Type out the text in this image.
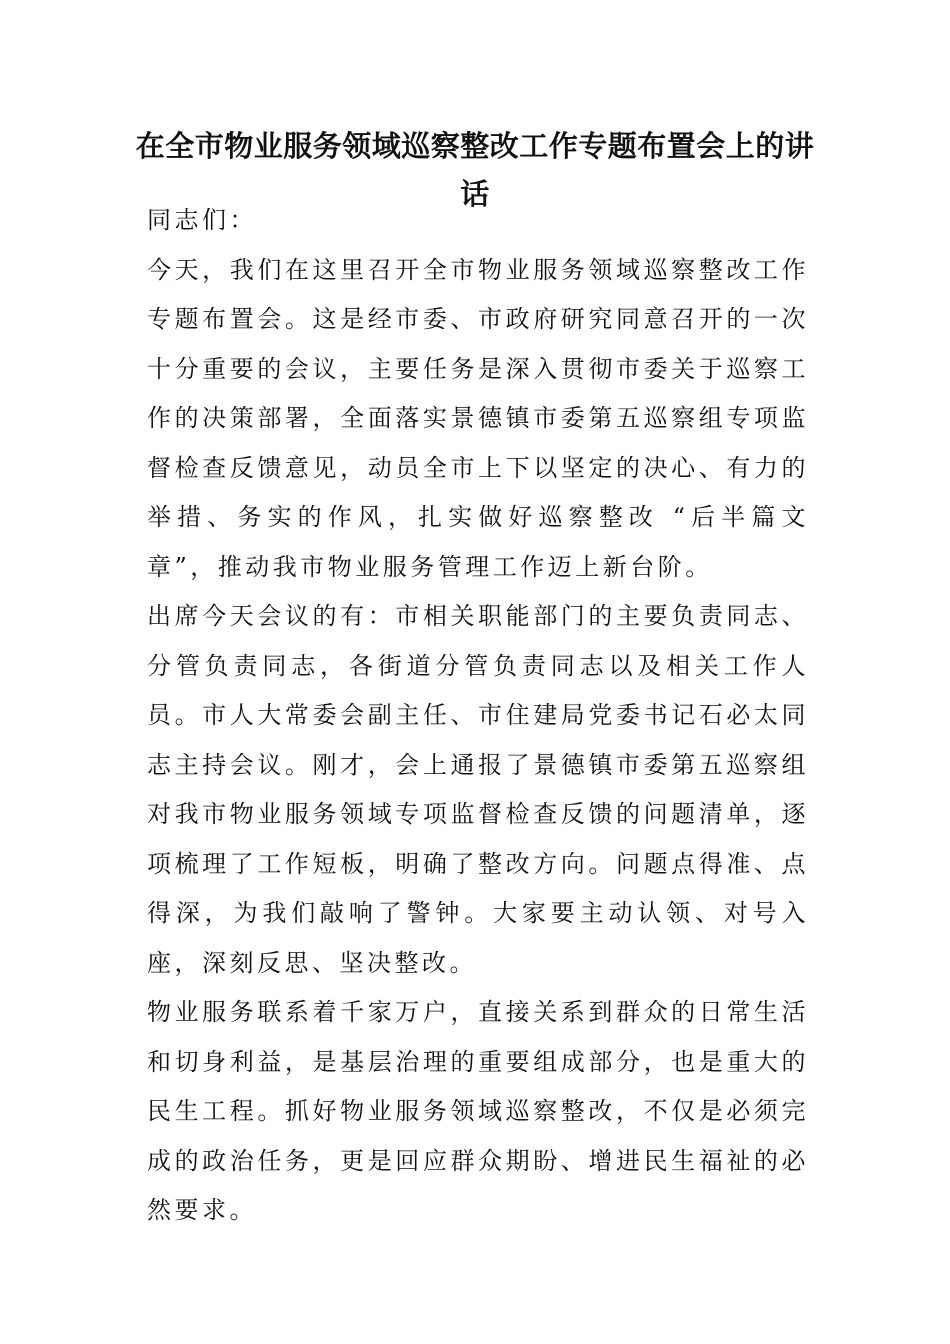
在全市物业服务领域巡察整改工作专题布置会上的讲话

同志们：

今天，我们在这里召开全市物业服务领域巡察整改工作专题布置会。这是经市委、市政府研究同意召开的一次十分重要的会议，主要任务是深入贯彻市委关于巡察工作的决策部署，全面落实景德镇市委第五巡察组专项监督检查反馈意见，动员全市上下以坚定的决心、有力的举措、务实的作风，扎实做好巡察整改 “后半篇文章”，推动我市物业服务管理工作迈上新台阶。

出席今天会议的有：市相关职能部门的主要负责同志、分管负责同志，各街道分管负责同志以及相关工作人员。市人大常委会副主任、市住建局党委书记石必太同志主持会议。刚才，会上通报了景德镇市委第五巡察组对我市物业服务领域专项监督检查反馈的问题清单，逐项梳理了工作短板，明确了整改方向。问题点得准、点得深，为我们敲响了警钟。大家要主动认领、对号入座，深刻反思、坚决整改。

物业服务联系着千家万户，直接关系到群众的日常生活和切身利益，是基层治理的重要组成部分，也是重大的民生工程。抓好物业服务领域巡察整改，不仅是必须完成的政治任务，更是回应群众期盼、增进民生福祉的必然要求。
